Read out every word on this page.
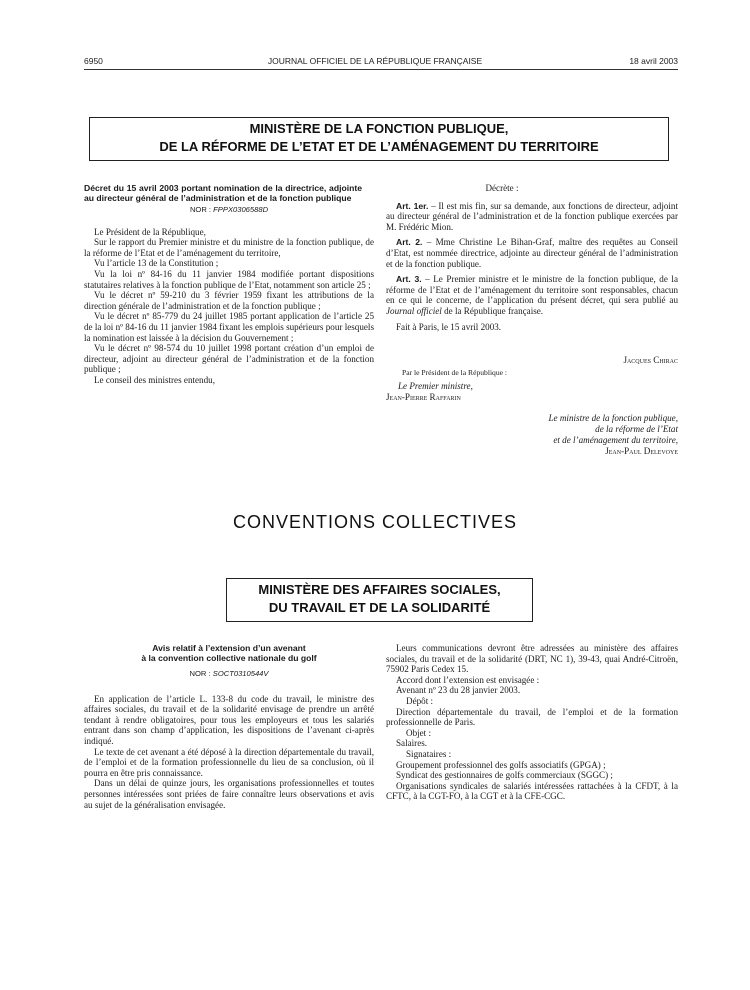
6950	JOURNAL OFFICIEL DE LA RÉPUBLIQUE FRANÇAISE	18 avril 2003
MINISTÈRE DE LA FONCTION PUBLIQUE,
DE LA RÉFORME DE L’ETAT ET DE L’AMÉNAGEMENT DU TERRITOIRE
Décret du 15 avril 2003 portant nomination de la directrice, adjointe au directeur général de l’administration et de la fonction publique
NOR : FPPX0306588D

Le Président de la République,

Sur le rapport du Premier ministre et du ministre de la fonction publique, de la réforme de l’Etat et de l’aménagement du territoire,

Vu l’article 13 de la Constitution ;

Vu la loi nº 84-16 du 11 janvier 1984 modifiée portant dispositions statutaires relatives à la fonction publique de l’Etat, notamment son article 25 ;

Vu le décret nº 59-210 du 3 février 1959 fixant les attributions de la direction générale de l’administration et de la fonction publique ;

Vu le décret nº 85-779 du 24 juillet 1985 portant application de l’article 25 de la loi nº 84-16 du 11 janvier 1984 fixant les emplois supérieurs pour lesquels la nomination est laissée à la décision du Gouvernement ;

Vu le décret nº 98-574 du 10 juillet 1998 portant création d’un emploi de directeur, adjoint au directeur général de l’administration et de la fonction publique ;

Le conseil des ministres entendu,

Décrète :

Art. 1er. – Il est mis fin, sur sa demande, aux fonctions de directeur, adjoint au directeur général de l’administration et de la fonction publique exercées par M. Frédéric Mion.

Art. 2. – Mme Christine Le Bihan-Graf, maître des requêtes au Conseil d’Etat, est nommée directrice, adjointe au directeur général de l’administration et de la fonction publique.

Art. 3. – Le Premier ministre et le ministre de la fonction publique, de la réforme de l’Etat et de l’aménagement du territoire sont responsables, chacun en ce qui le concerne, de l’application du présent décret, qui sera publié au Journal officiel de la République française.

Fait à Paris, le 15 avril 2003.

Jacques Chirac
Par le Président de la République :
Le Premier ministre,
Jean-Pierre Raffarin
Le ministre de la fonction publique,
de la réforme de l’Etat
et de l’aménagement du territoire,
Jean-Paul Delevoye
CONVENTIONS COLLECTIVES
MINISTÈRE DES AFFAIRES SOCIALES,
DU TRAVAIL ET DE LA SOLIDARITÉ
Avis relatif à l’extension d’un avenant
à la convention collective nationale du golf
NOR : SOCT0310544V

En application de l’article L. 133-8 du code du travail, le ministre des affaires sociales, du travail et de la solidarité envisage de prendre un arrêté tendant à rendre obligatoires, pour tous les employeurs et tous les salariés entrant dans son champ d’application, les dispositions de l’avenant ci-après indiqué.

Le texte de cet avenant a été déposé à la direction départementale du travail, de l’emploi et de la formation professionnelle du lieu de sa conclusion, où il pourra en être pris connaissance.

Dans un délai de quinze jours, les organisations professionnelles et toutes personnes intéressées sont priées de faire connaître leurs observations et avis au sujet de la généralisation envisagée.

Leurs communications devront être adressées au ministère des affaires sociales, du travail et de la solidarité (DRT, NC 1), 39-43, quai André-Citroën, 75902 Paris Cedex 15.

Accord dont l’extension est envisagée :

Avenant nº 23 du 28 janvier 2003.

Dépôt :

Direction départementale du travail, de l’emploi et de la formation professionnelle de Paris.

Objet :

Salaires.

Signataires :

Groupement professionnel des golfs associatifs (GPGA) ;

Syndicat des gestionnaires de golfs commerciaux (SGGC) ;

Organisations syndicales de salariés intéressées rattachées à la CFDT, à la CFTC, à la CGT-FO, à la CGT et à la CFE-CGC.
